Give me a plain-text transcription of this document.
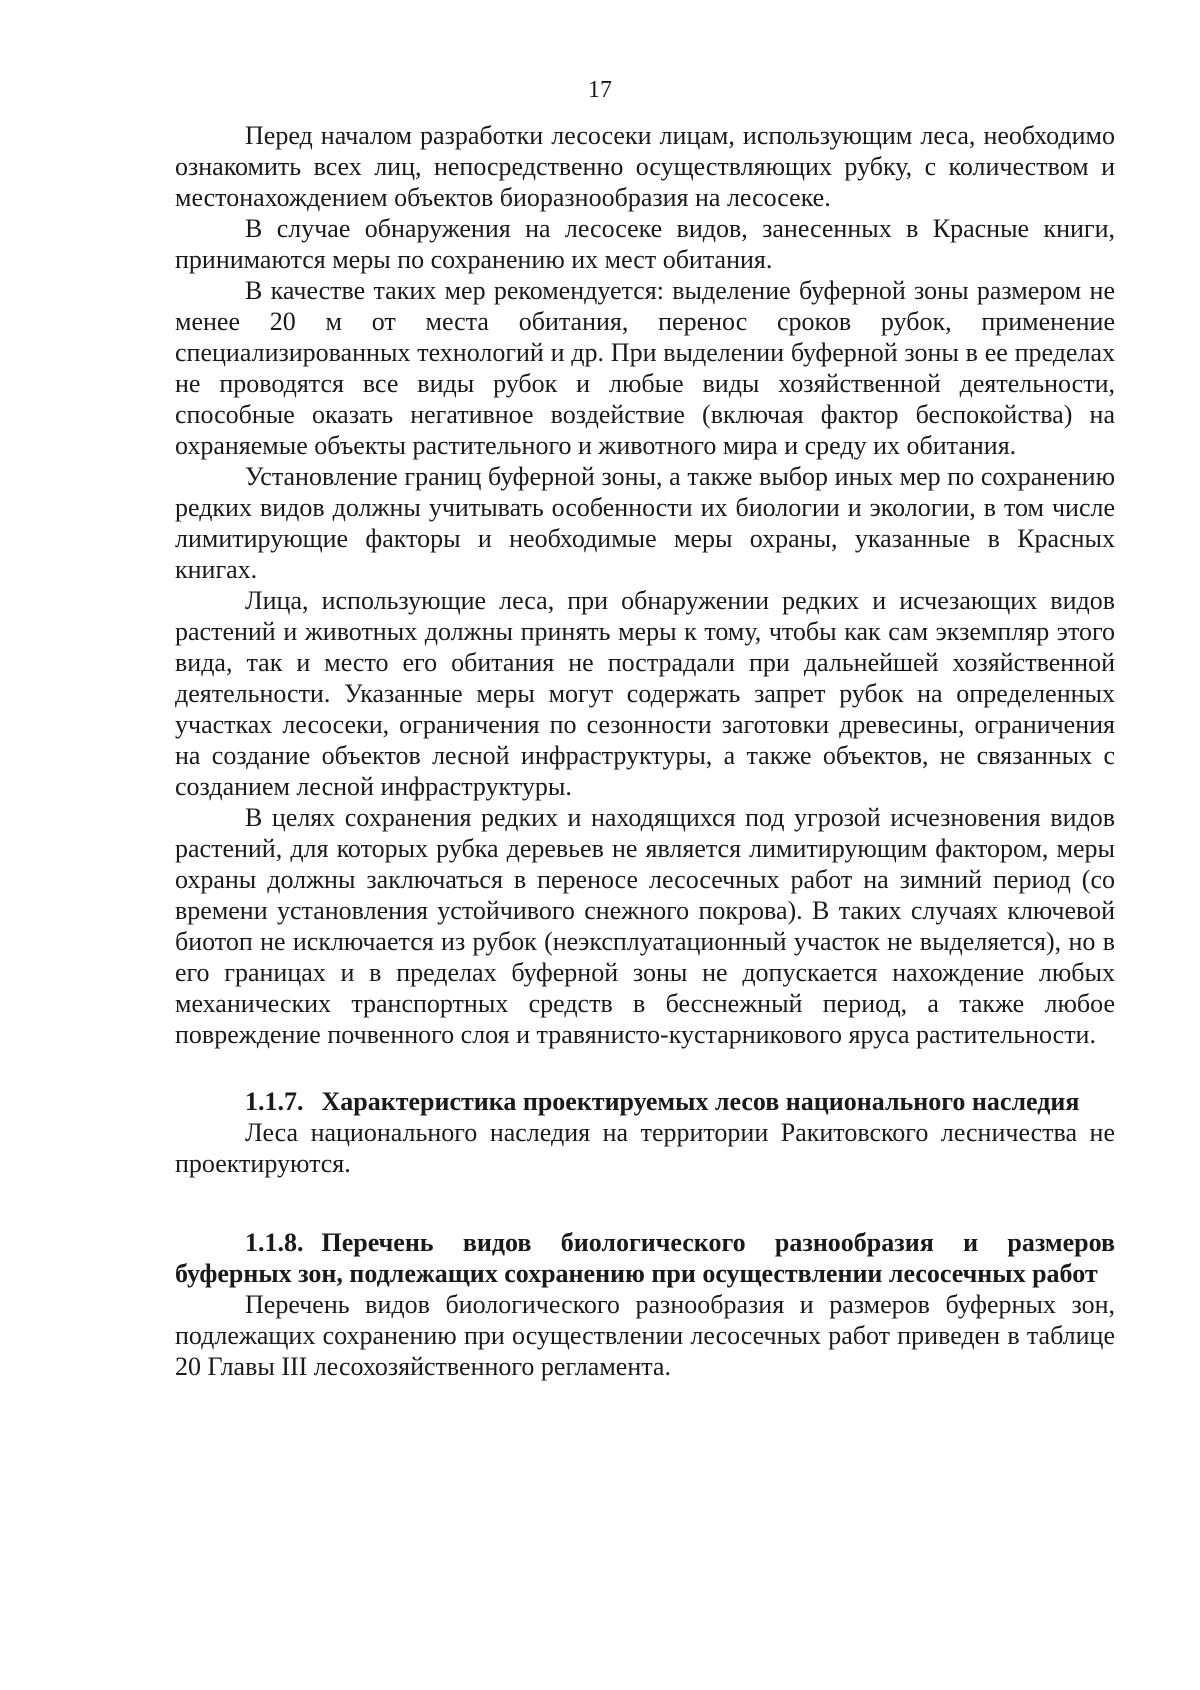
17

Перед началом разработки лесосеки лицам, использующим леса, необходимо ознакомить всех лиц, непосредственно осуществляющих рубку, с количеством и местонахождением объектов биоразнообразия на лесосеке.

В случае обнаружения на лесосеке видов, занесенных в Красные книги, принимаются меры по сохранению их мест обитания.

В качестве таких мер рекомендуется: выделение буферной зоны размером не менее 20 м от места обитания, перенос сроков рубок, применение специализированных технологий и др. При выделении буферной зоны в ее пределах не проводятся все виды рубок и любые виды хозяйственной деятельности, способные оказать негативное воздействие (включая фактор беспокойства) на охраняемые объекты растительного и животного мира и среду их обитания.

Установление границ буферной зоны, а также выбор иных мер по сохранению редких видов должны учитывать особенности их биологии и экологии, в том числе лимитирующие факторы и необходимые меры охраны, указанные в Красных книгах.

Лица, использующие леса, при обнаружении редких и исчезающих видов растений и животных должны принять меры к тому, чтобы как сам экземпляр этого вида, так и место его обитания не пострадали при дальнейшей хозяйственной деятельности. Указанные меры могут содержать запрет рубок на определенных участках лесосеки, ограничения по сезонности заготовки древесины, ограничения на создание объектов лесной инфраструктуры, а также объектов, не связанных с созданием лесной инфраструктуры.

В целях сохранения редких и находящихся под угрозой исчезновения видов растений, для которых рубка деревьев не является лимитирующим фактором, меры охраны должны заключаться в переносе лесосечных работ на зимний период (со времени установления устойчивого снежного покрова). В таких случаях ключевой биотоп не исключается из рубок (неэксплуатационный участок не выделяется), но в его границах и в пределах буферной зоны не допускается нахождение любых механических транспортных средств в бесснежный период, а также любое повреждение почвенного слоя и травянисто-кустарникового яруса растительности.

1.1.7. Характеристика проектируемых лесов национального наследия

Леса национального наследия на территории Ракитовского лесничества не проектируются.

1.1.8. Перечень видов биологического разнообразия и размеров буферных зон, подлежащих сохранению при осуществлении лесосечных работ

Перечень видов биологического разнообразия и размеров буферных зон, подлежащих сохранению при осуществлении лесосечных работ приведен в таблице 20 Главы III лесохозяйственного регламента.
